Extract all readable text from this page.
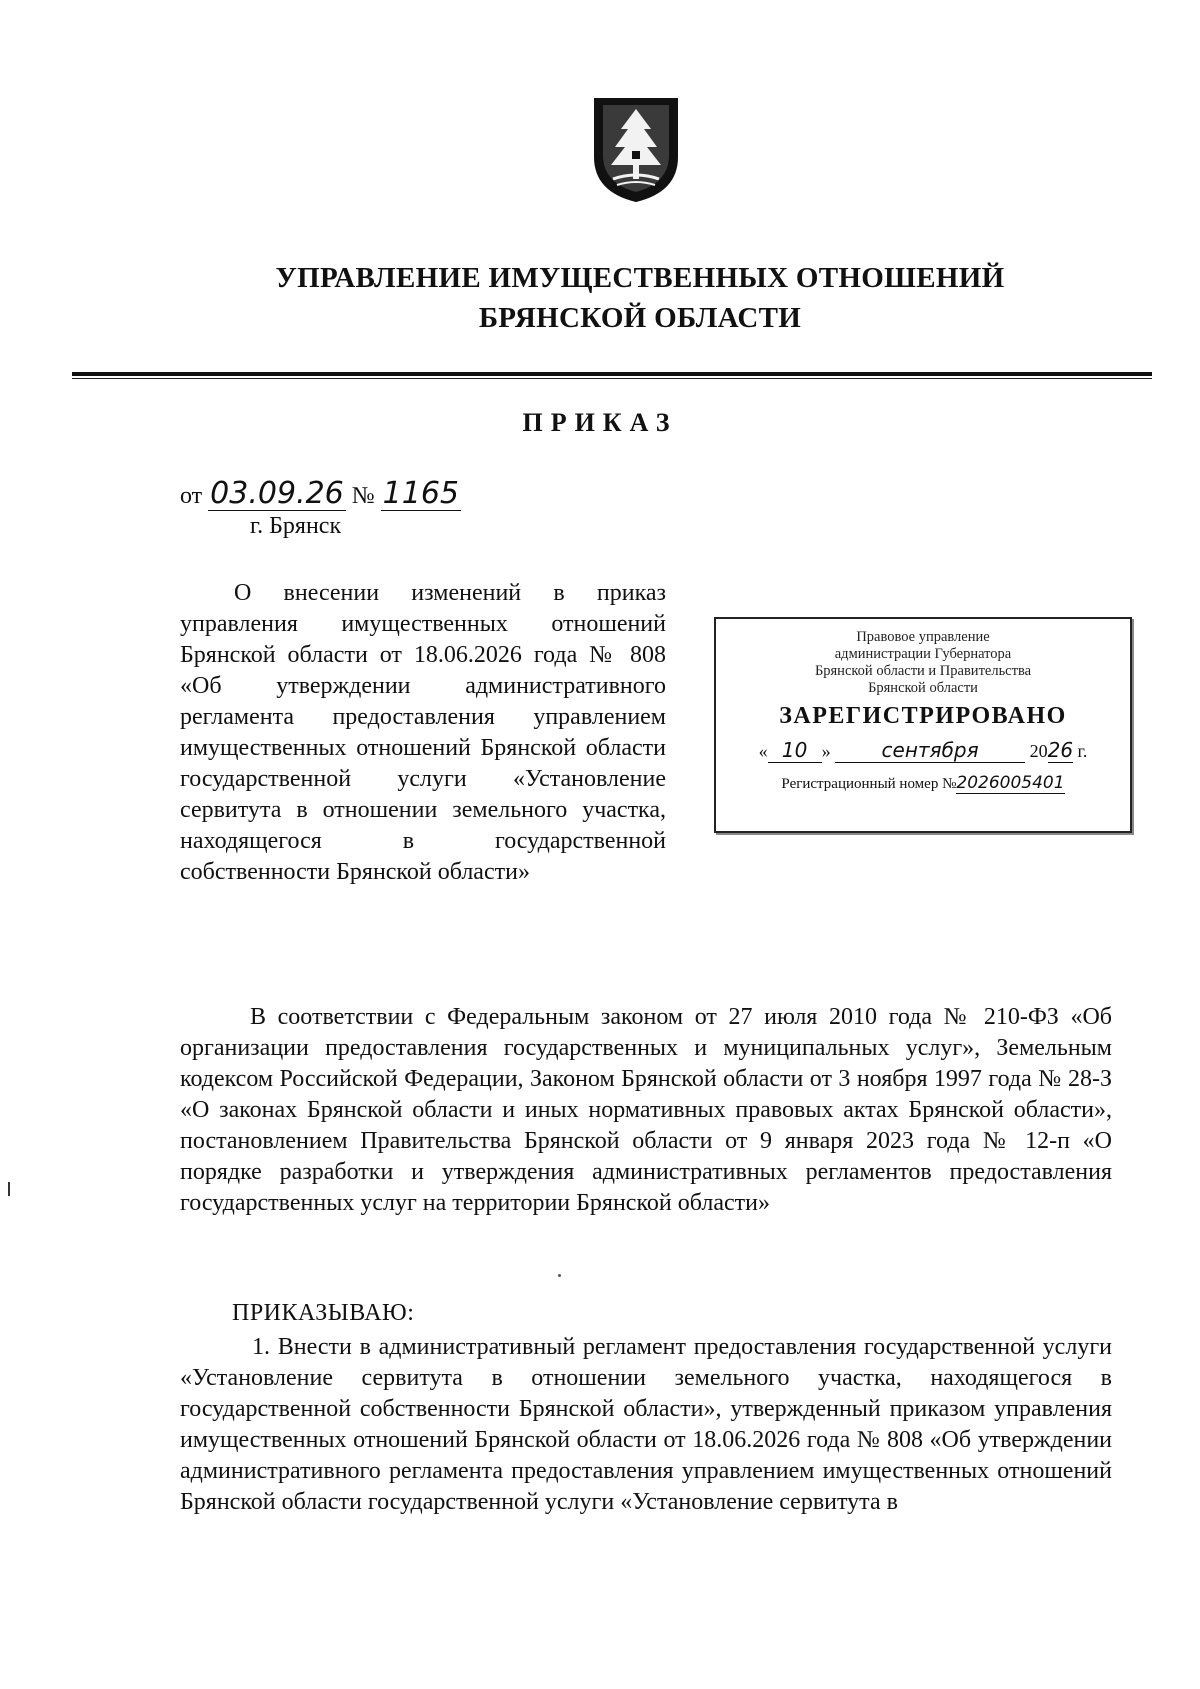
УПРАВЛЕНИЕ ИМУЩЕСТВЕННЫХ ОТНОШЕНИЙ
БРЯНСКОЙ ОБЛАСТИ
ПРИКАЗ
от 03.09.26 № 1165
г. Брянск
О внесении изменений в приказ управления имущественных отношений Брянской области от 18.06.2026 года № 808 «Об утверждении административного регламента предоставления управлением имущественных отношений Брянской области государственной услуги «Установление сервитута в отношении земельного участка, находящегося в государственной собственности Брянской области»
Правовое управление
администрации Губернатора
Брянской области и Правительства
Брянской области
ЗАРЕГИСТРИРОВАНО
« 10 »	сентября	2026 г.
Регистрационный номер №2026005401
В соответствии с Федеральным законом от 27 июля 2010 года № 210-ФЗ «Об организации предоставления государственных и муниципальных услуг», Земельным кодексом Российской Федерации, Законом Брянской области от 3 ноября 1997 года № 28-З «О законах Брянской области и иных нормативных правовых актах Брянской области», постановлением Правительства Брянской области от 9 января 2023 года № 12-п «О порядке разработки и утверждения административных регламентов предоставления государственных услуг на территории Брянской области»
ПРИКАЗЫВАЮ:
1. Внести в административный регламент предоставления государственной услуги «Установление сервитута в отношении земельного участка, находящегося в государственной собственности Брянской области», утвержденный приказом управления имущественных отношений Брянской области от 18.06.2026 года № 808 «Об утверждении административного регламента предоставления управлением имущественных отношений Брянской области государственной услуги «Установление сервитута в
